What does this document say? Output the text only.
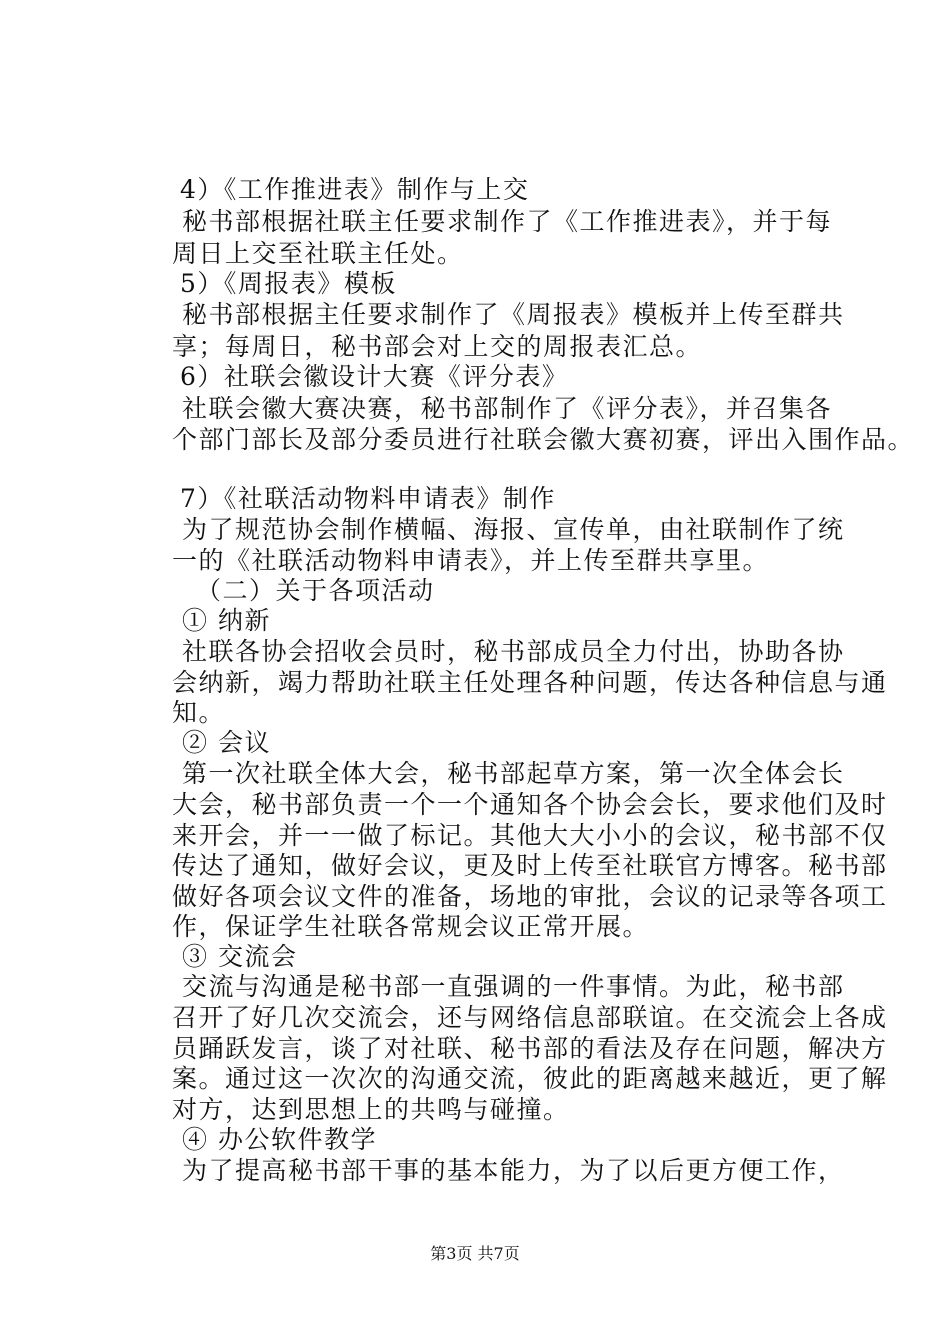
4）《工作推进表》制作与上交
秘书部根据社联主任要求制作了《工作推进表》，并于每
周日上交至社联主任处。
5）《周报表》模板
秘书部根据主任要求制作了《周报表》模板并上传至群共
享；每周日，秘书部会对上交的周报表汇总。
6）社联会徽设计大赛《评分表》
社联会徽大赛决赛，秘书部制作了《评分表》，并召集各
个部门部长及部分委员进行社联会徽大赛初赛，评出入围作品。
7）《社联活动物料申请表》制作
为了规范协会制作横幅、海报、宣传单，由社联制作了统
一的《社联活动物料申请表》，并上传至群共享里。
（二）关于各项活动
① 纳新
社联各协会招收会员时，秘书部成员全力付出，协助各协
会纳新，竭力帮助社联主任处理各种问题，传达各种信息与通
知。
② 会议
第一次社联全体大会，秘书部起草方案，第一次全体会长
大会，秘书部负责一个一个通知各个协会会长，要求他们及时
来开会，并一一做了标记。其他大大小小的会议，秘书部不仅
传达了通知，做好会议，更及时上传至社联官方博客。秘书部
做好各项会议文件的准备，场地的审批，会议的记录等各项工
作，保证学生社联各常规会议正常开展。
③ 交流会
交流与沟通是秘书部一直强调的一件事情。为此，秘书部
召开了好几次交流会，还与网络信息部联谊。在交流会上各成
员踊跃发言，谈了对社联、秘书部的看法及存在问题，解决方
案。通过这一次次的沟通交流，彼此的距离越来越近，更了解
对方，达到思想上的共鸣与碰撞。
④ 办公软件教学
为了提高秘书部干事的基本能力，为了以后更方便工作，
第3页 共7页
